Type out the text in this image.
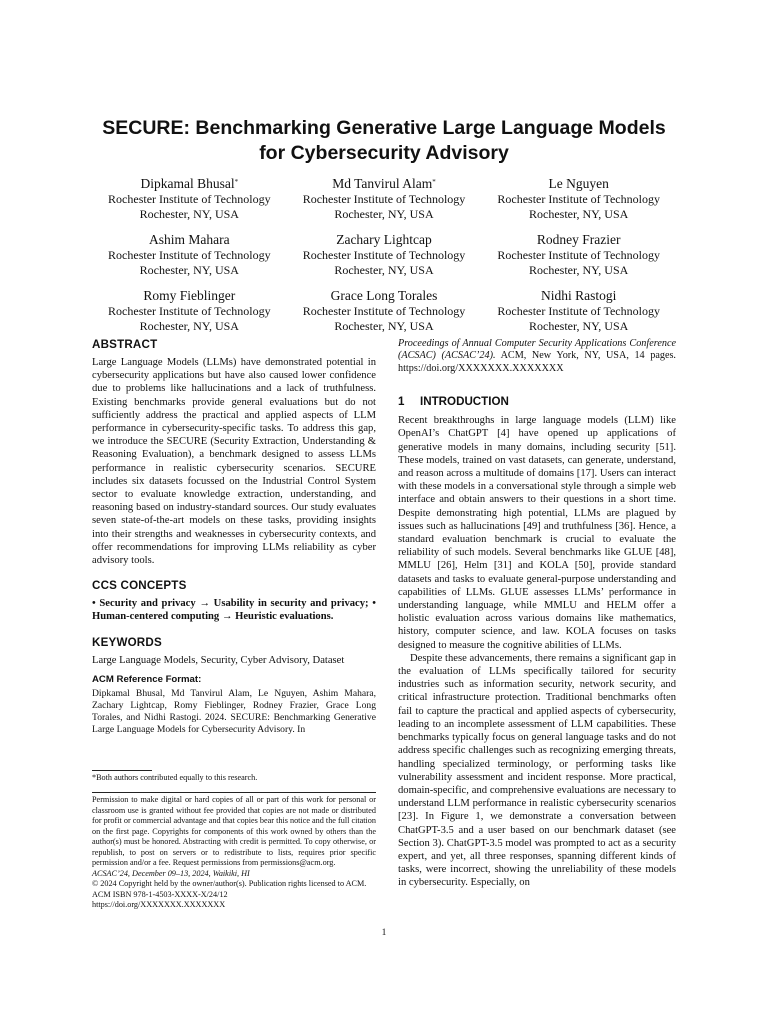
SECURE: Benchmarking Generative Large Language Models for Cybersecurity Advisory
Dipkamal Bhusal*
Rochester Institute of Technology
Rochester, NY, USA
Md Tanvirul Alam*
Rochester Institute of Technology
Rochester, NY, USA
Le Nguyen
Rochester Institute of Technology
Rochester, NY, USA
Ashim Mahara
Rochester Institute of Technology
Rochester, NY, USA
Zachary Lightcap
Rochester Institute of Technology
Rochester, NY, USA
Rodney Frazier
Rochester Institute of Technology
Rochester, NY, USA
Romy Fieblinger
Rochester Institute of Technology
Rochester, NY, USA
Grace Long Torales
Rochester Institute of Technology
Rochester, NY, USA
Nidhi Rastogi
Rochester Institute of Technology
Rochester, NY, USA
ABSTRACT

Large Language Models (LLMs) have demonstrated potential in cybersecurity applications but have also caused lower confidence due to problems like hallucinations and a lack of truthfulness. Existing benchmarks provide general evaluations but do not sufficiently address the practical and applied aspects of LLM performance in cybersecurity-specific tasks. To address this gap, we introduce the SECURE (Security Extraction, Understanding & Reasoning Evaluation), a benchmark designed to assess LLMs performance in realistic cybersecurity scenarios. SECURE includes six datasets focussed on the Industrial Control System sector to evaluate knowledge extraction, understanding, and reasoning based on industry-standard sources. Our study evaluates seven state-of-the-art models on these tasks, providing insights into their strengths and weaknesses in cybersecurity contexts, and offer recommendations for improving LLMs reliability as cyber advisory tools.

CCS CONCEPTS

• Security and privacy → Usability in security and privacy; • Human-centered computing → Heuristic evaluations.

KEYWORDS

Large Language Models, Security, Cyber Advisory, Dataset

ACM Reference Format:

Dipkamal Bhusal, Md Tanvirul Alam, Le Nguyen, Ashim Mahara, Zachary Lightcap, Romy Fieblinger, Rodney Frazier, Grace Long Torales, and Nidhi Rastogi. 2024. SECURE: Benchmarking Generative Large Language Models for Cybersecurity Advisory. In

*Both authors contributed equally to this research.
Permission to make digital or hard copies of all or part of this work for personal or classroom use is granted without fee provided that copies are not made or distributed for profit or commercial advantage and that copies bear this notice and the full citation on the first page. Copyrights for components of this work owned by others than the author(s) must be honored. Abstracting with credit is permitted. To copy otherwise, or republish, to post on servers or to redistribute to lists, requires prior specific permission and/or a fee. Request permissions from permissions@acm.org.
ACSAC’24, December 09–13, 2024, Waikiki, HI
© 2024 Copyright held by the owner/author(s). Publication rights licensed to ACM.
ACM ISBN 978-1-4503-XXXX-X/24/12
https://doi.org/XXXXXXX.XXXXXXX

Proceedings of Annual Computer Security Applications Conference (ACSAC) (ACSAC’24). ACM, New York, NY, USA, 14 pages. https://doi.org/XXXXXXX.XXXXXXX

1 INTRODUCTION

Recent breakthroughs in large language models (LLM) like OpenAI’s ChatGPT [4] have opened up applications of generative models in many domains, including security [51]. These models, trained on vast datasets, can generate, understand, and reason across a multitude of domains [17]. Users can interact with these models in a conversational style through a simple web interface and obtain answers to their questions in a short time. Despite demonstrating high potential, LLMs are plagued by issues such as hallucinations [49] and truthfulness [36]. Hence, a standard evaluation benchmark is crucial to evaluate the reliability of such models. Several benchmarks like GLUE [48], MMLU [26], Helm [31] and KOLA [50], provide standard datasets and tasks to evaluate general-purpose understanding and capabilities of LLMs. GLUE assesses LLMs’ performance in understanding language, while MMLU and HELM offer a holistic evaluation across various domains like mathematics, history, computer science, and law. KOLA focuses on tasks designed to measure the cognitive abilities of LLMs.

Despite these advancements, there remains a significant gap in the evaluation of LLMs specifically tailored for security industries such as information security, network security, and critical infrastructure protection. Traditional benchmarks often fail to capture the practical and applied aspects of cybersecurity, leading to an incomplete assessment of LLM capabilities. These benchmarks typically focus on general language tasks and do not address specific challenges such as recognizing emerging threats, handling specialized terminology, or performing tasks like vulnerability assessment and incident response. More practical, domain-specific, and comprehensive evaluations are necessary to understand LLM performance in realistic cybersecurity scenarios [23]. In Figure 1, we demonstrate a conversation between ChatGPT-3.5 and a user based on our benchmark dataset (see Section 3). ChatGPT-3.5 model was prompted to act as a security expert, and yet, all three responses, spanning different kinds of tasks, were incorrect, showing the unreliability of these models in cybersecurity. Especially, on

1
